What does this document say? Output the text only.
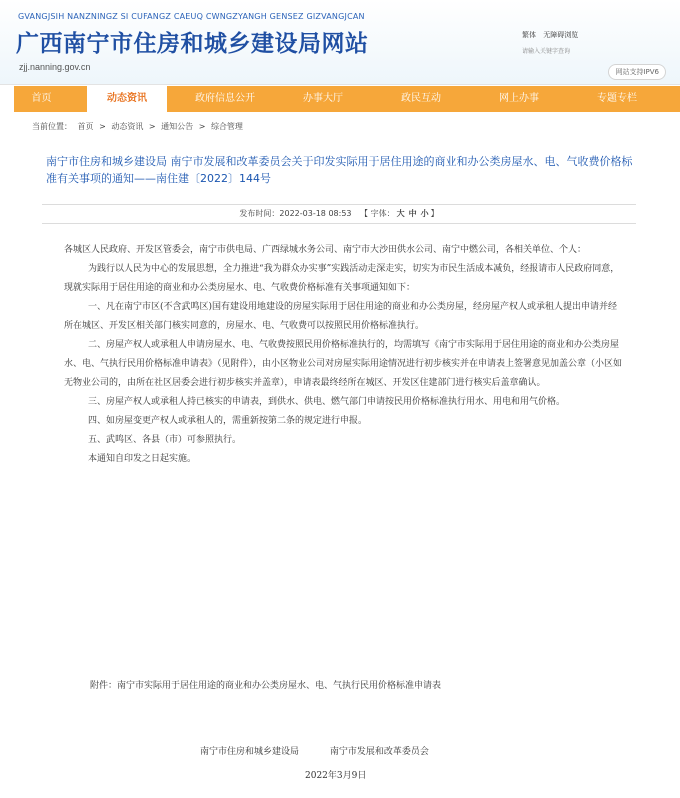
GVANGJSIH NANZNINGZ SI CUFANGZ CAEUQ CWNGZYANGH GENSEZ GIZVANGJCAN
广西南宁市住房和城乡建设局网站
zjj.nanning.gov.cn
繁体 无障碍浏览
请输入关键字查询
网站支持IPV6
首页	动态资讯	政府信息公开	办事大厅	政民互动	网上办事	专题专栏
当前位置： 首页 > 动态资讯 > 通知公告 > 综合管理
南宁市住房和城乡建设局 南宁市发展和改革委员会关于印发实际用于居住用途的商业和办公类房屋水、电、气收费价格标准有关事项的通知——南住建〔2022〕144号
发布时间：2022-03-18 08:53 【 字体： 大 中 小 】

各城区人民政府、开发区管委会，南宁市供电局、广西绿城水务公司、南宁市大沙田供水公司、南宁中燃公司，各相关单位、个人：

为践行以人民为中心的发展思想，全力推进“我为群众办实事”实践活动走深走实，切实为市民生活成本减负，经报请市人民政府同意，现就实际用于居住用途的商业和办公类房屋水、电、气收费价格标准有关事项通知如下：

一、凡在南宁市区(不含武鸣区)国有建设用地建设的房屋实际用于居住用途的商业和办公类房屋，经房屋产权人或承租人提出申请并经所在城区、开发区相关部门核实同意的，房屋水、电、气收费可以按照民用价格标准执行。

二、房屋产权人或承租人申请房屋水、电、气收费按照民用价格标准执行的，均需填写《南宁市实际用于居住用途的商业和办公类房屋水、电、气执行民用价格标准申请表》（见附件），由小区物业公司对房屋实际用途情况进行初步核实并在申请表上签署意见加盖公章（小区如无物业公司的，由所在社区居委会进行初步核实并盖章），申请表最终经所在城区、开发区住建部门进行核实后盖章确认。

三、房屋产权人或承租人持已核实的申请表，到供水、供电、燃气部门申请按民用价格标准执行用水、用电和用气价格。

四、如房屋变更产权人或承租人的，需重新按第二条的规定进行申报。

五、武鸣区、各县（市）可参照执行。

本通知自印发之日起实施。

附件：南宁市实际用于居住用途的商业和办公类房屋水、电、气执行民用价格标准申请表
南宁市住房和城乡建设局	南宁市发展和改革委员会
2022年3月9日
